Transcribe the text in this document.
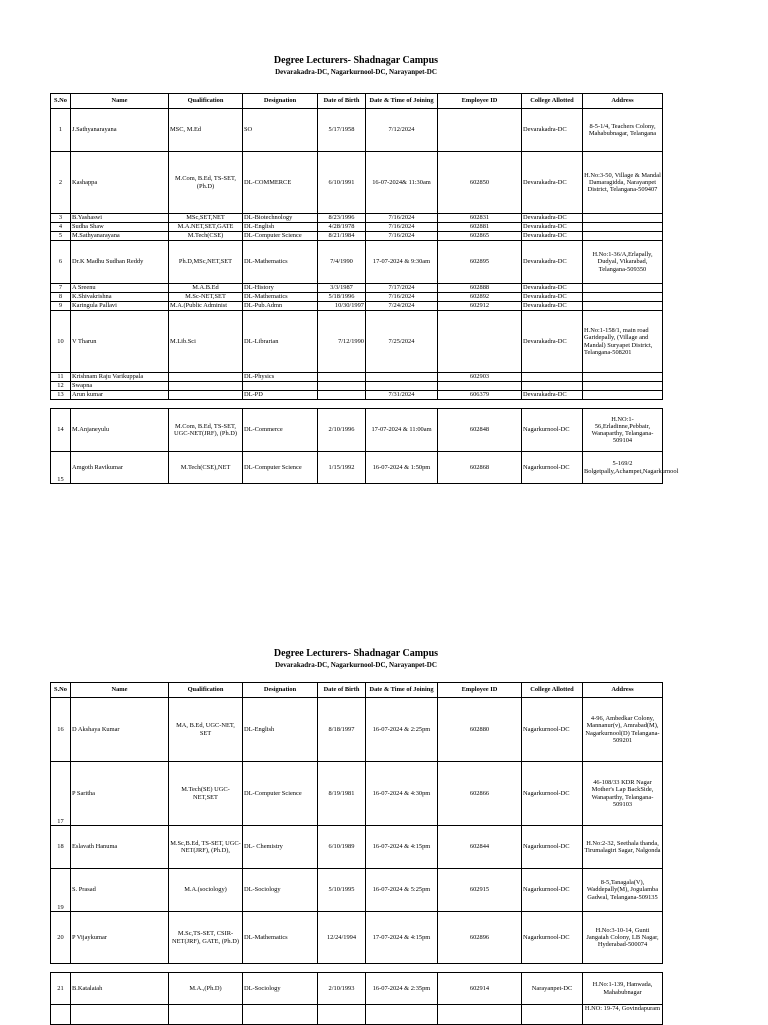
Degree Lecturers- Shadnagar Campus
Devarakadra-DC, Nagarkurnool-DC, Narayanpet-DC
S.No	Name	Qualification	Designation	Date of Birth	Date & Time of Joining	Employee ID	College Allotted	Address
1	J.Sathyanarayana	MSC, M.Ed	SO	5/17/1958	7/12/2024		Devarakadra-DC	8-5-1/4, Teachers Colony, Mahabubnagar, Telangana
2	Kashappa	M.Com, B.Ed, TS-SET, (Ph.D)	DL-COMMERCE	6/10/1991	16-07-2024& 11:30am	602850	Devarakadra-DC	H.No:3-50, Village & Mandal Damaragidda, Narayanpet District, Telangana-509407
3	B.Yashaswi	MSc,SET,NET	DL-Biotechnology	8/23/1996	7/16/2024	602831	Devarakadra-DC	
4	Sudha Shaw	M.A.NET,SET,GATE	DL-English	4/28/1978	7/16/2024	602881	Devarakadra-DC	
5	M.Sathyanarayana	M.Tech(CSE)	DL-Computer Science	8/21/1984	7/16/2024	602865	Devarakadra-DC	
6	Dr.K Madhu Sudhan Reddy	Ph.D,MSc,NET,SET	DL-Mathematics	7/4/1990	17-07-2024 & 9:30am	602895	Devarakadra-DC	H.No:1-36/A,Erlapally, Dudyal, Vikarabad, Telangana-509350
7	A Sreenu	M.A.B.Ed	DL-History	3/3/1987	7/17/2024	602888	Devarakadra-DC	
8	K.Shivakrishna	M.Sc-NET,SET	DL-Mathematics	5/18/1996	7/16/2024	602892	Devarakadra-DC	
9	Karingula Pallavi	M.A.(Public Administ	DL-Pub.Admn	10/30/1997	7/24/2024	602912	Devarakadra-DC	
10	V Tharun	M.Lib.Sci	DL-Librarian	7/12/1990	7/25/2024		Devarakadra-DC	H.No:1-158/1, main road Garidepally, (Village and Mandal) Suryapet District, Telangana-508201
11	Krishnam Raju Varikuppala		DL-Physics			602903		
12	Swapna							
13	Arun kumar		DL-PD		7/31/2024	606379	Devarakadra-DC	

14	M.Anjaneyulu	M.Com, B.Ed, TS-SET, UGC-NET(JRF), (Ph.D)	DL-Commerce	2/10/1996	17-07-2024 & 11:00am	602848	Nagarkurnool-DC	H.NO:1-56,Erladinne,Pebbair, Wanaparthy, Telangana-509104
15	Amgoth Ravikumar	M.Tech(CSE),NET	DL-Computer Science	1/15/1992	16-07-2024 & 1:50pm	602868	Nagarkurnool-DC	5-169/2 Bolgetpally,Achampet,Nagarkurnool
Degree Lecturers- Shadnagar Campus
Devarakadra-DC, Nagarkurnool-DC, Narayanpet-DC
S.No	Name	Qualification	Designation	Date of Birth	Date & Time of Joining	Employee ID	College Allotted	Address
16	D Akshaya Kumar	MA, B.Ed, UGC-NET, SET	DL-English	8/18/1997	16-07-2024 & 2:25pm	602880	Nagarkurnool-DC	4-96, Ambedkar Colony, Mannanur(v), Amrabad(M), Nagarkurnool(D) Telangana-509201
17	P Saritha	M.Tech(SE) UGC-NET,SET	DL-Computer Science	8/19/1981	16-07-2024 & 4:30pm	602866	Nagarkurnool-DC	46-108/33 KDR Nagar Mother's Lap BackSide, Wanaparthy, Telangana-509103
18	Eslavath Hanuma	M.Sc,B.Ed, TS-SET, UGC-NET(JRF), (Ph.D),	DL- Chemistry	6/10/1989	16-07-2024 & 4:15pm	602844	Nagarkurnool-DC	H.No:2-32, Seethala thanda, Tirumalagiri Sagar, Nalgonda
19	S. Prasad	M.A.(sociology)	DL-Sociology	5/10/1995	16-07-2024 & 5:25pm	602915	Nagarkurnool-DC	8-5,Tanagala(V), Waddepally(M), Jogulamba Gadwal, Telangana-509135
20	P Vijaykumar	M.Sc,TS-SET, CSIR-NET(JRF), GATE, (Ph.D)	DL-Mathematics	12/24/1994	17-07-2024 & 4:15pm	602896	Nagarkurnool-DC	H.No:3-10-14, Gunti Jangaiah Colony, LB Nagar, Hyderabad-500074

21	B.Katalaiah	M.A.,(Ph.D)	DL-Sociology	2/10/1993	16-07-2024 & 2:35pm	602914	Narayanpet-DC	H.No:1-139, Hanwada, Mahabubnagar
								H.NO: 19-74, Govindapuram
